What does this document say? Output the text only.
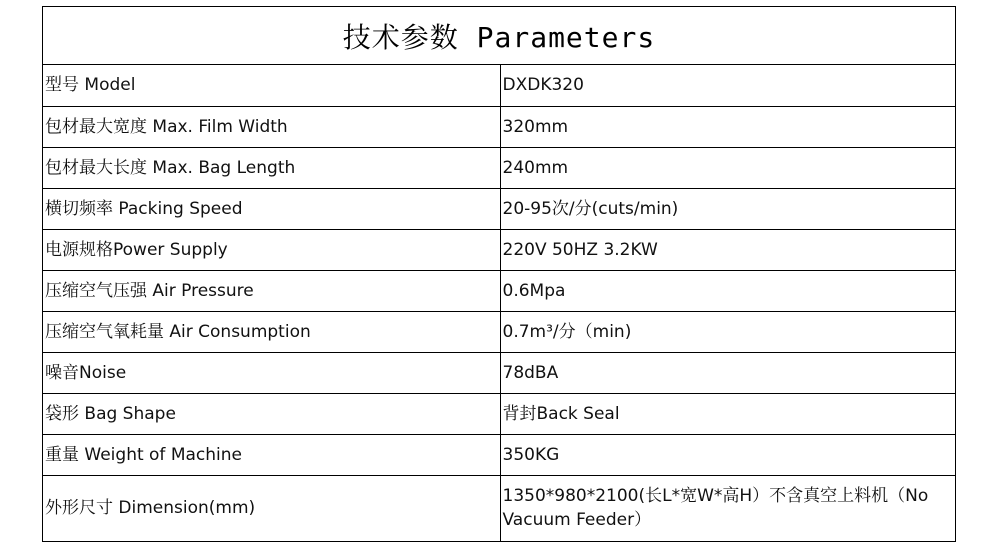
技术参数 Parameters
型号 Model	DXDK320
包材最大宽度 Max. Film Width	320mm
包材最大长度 Max. Bag Length	240mm
横切频率 Packing Speed	20-95次/分(cuts/min)
电源规格Power Supply	220V 50HZ 3.2KW
压缩空气压强 Air Pressure	0.6Mpa
压缩空气氧耗量 Air Consumption	0.7m³/分（min)
噪音Noise	78dBA
袋形 Bag Shape	背封Back Seal
重量 Weight of Machine	350KG
外形尺寸 Dimension(mm)	1350*980*2100(长L*宽W*高H）不含真空上料机（No Vacuum Feeder）
